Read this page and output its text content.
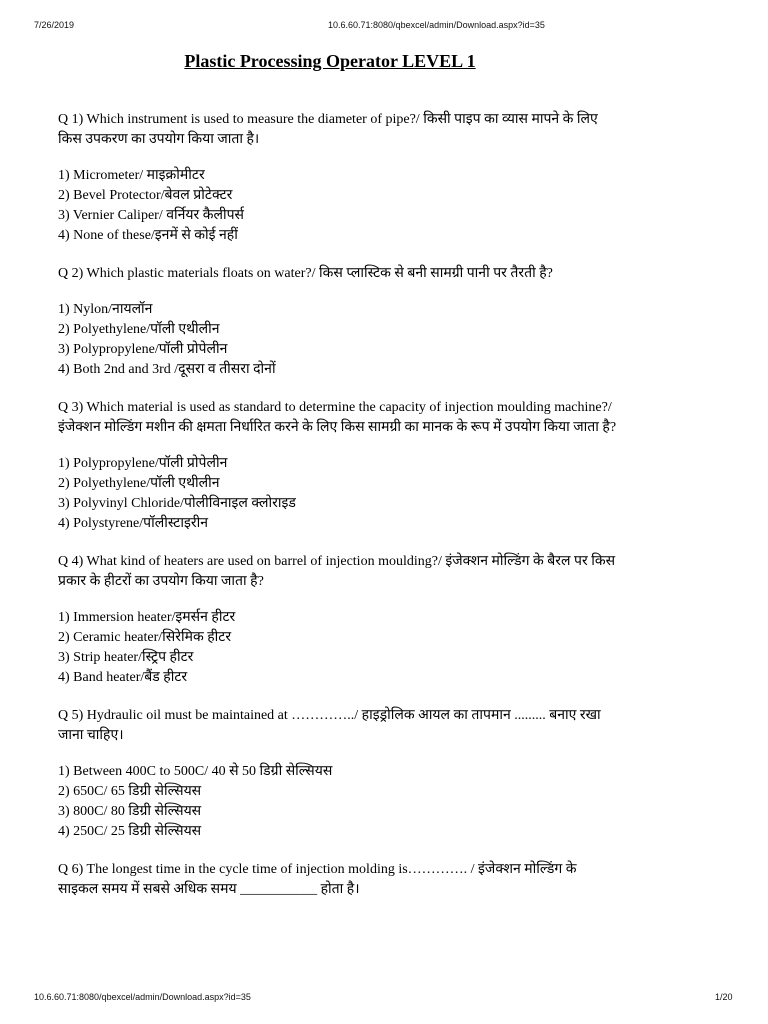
7/26/2019	10.6.60.71:8080/qbexcel/admin/Download.aspx?id=35
Plastic Processing Operator LEVEL 1

Q 1) Which instrument is used to measure the diameter of pipe?/ किसी पाइप का व्यास मापने के लिए किस उपकरण का उपयोग किया जाता है।

1) Micrometer/ माइक्रोमीटर
2) Bevel Protector/बेवल प्रोटेक्टर
3) Vernier Caliper/ वर्नियर कैलीपर्स
4) None of these/इनमें से कोई नहीं

Q 2) Which plastic materials floats on water?/ किस प्लास्टिक से बनी सामग्री पानी पर तैरती है?

1) Nylon/नायलॉन
2) Polyethylene/पॉली एथीलीन
3) Polypropylene/पॉली प्रोपेलीन
4) Both 2nd and 3rd /दूसरा व तीसरा दोनों

Q 3) Which material is used as standard to determine the capacity of injection moulding machine?/ इंजेक्शन मोल्डिंग मशीन की क्षमता निर्धारित करने के लिए किस सामग्री का मानक के रूप में उपयोग किया जाता है?

1) Polypropylene/पॉली प्रोपेलीन
2) Polyethylene/पॉली एथीलीन
3) Polyvinyl Chloride/पोलीविनाइल क्लोराइड
4) Polystyrene/पॉलीस्टाइरीन

Q 4) What kind of heaters are used on barrel of injection moulding?/ इंजेक्शन मोल्डिंग के बैरल पर किस प्रकार के हीटरों का उपयोग किया जाता है?

1) Immersion heater/इमर्सन हीटर
2) Ceramic heater/सिरेमिक हीटर
3) Strip heater/स्ट्रिप हीटर
4) Band heater/बैंड हीटर

Q 5) Hydraulic oil must be maintained at …………../ हाइड्रोलिक आयल का तापमान ......... बनाए रखा जाना चाहिए।

1) Between 400C to 500C/ 40 से 50 डिग्री सेल्सियस
2) 650C/ 65 डिग्री सेल्सियस
3) 800C/ 80 डिग्री सेल्सियस
4) 250C/ 25 डिग्री सेल्सियस

Q 6) The longest time in the cycle time of injection molding is…………. / इंजेक्शन मोल्डिंग के साइकल समय में सबसे अधिक समय ___________ होता है।

10.6.60.71:8080/qbexcel/admin/Download.aspx?id=35	1/20
